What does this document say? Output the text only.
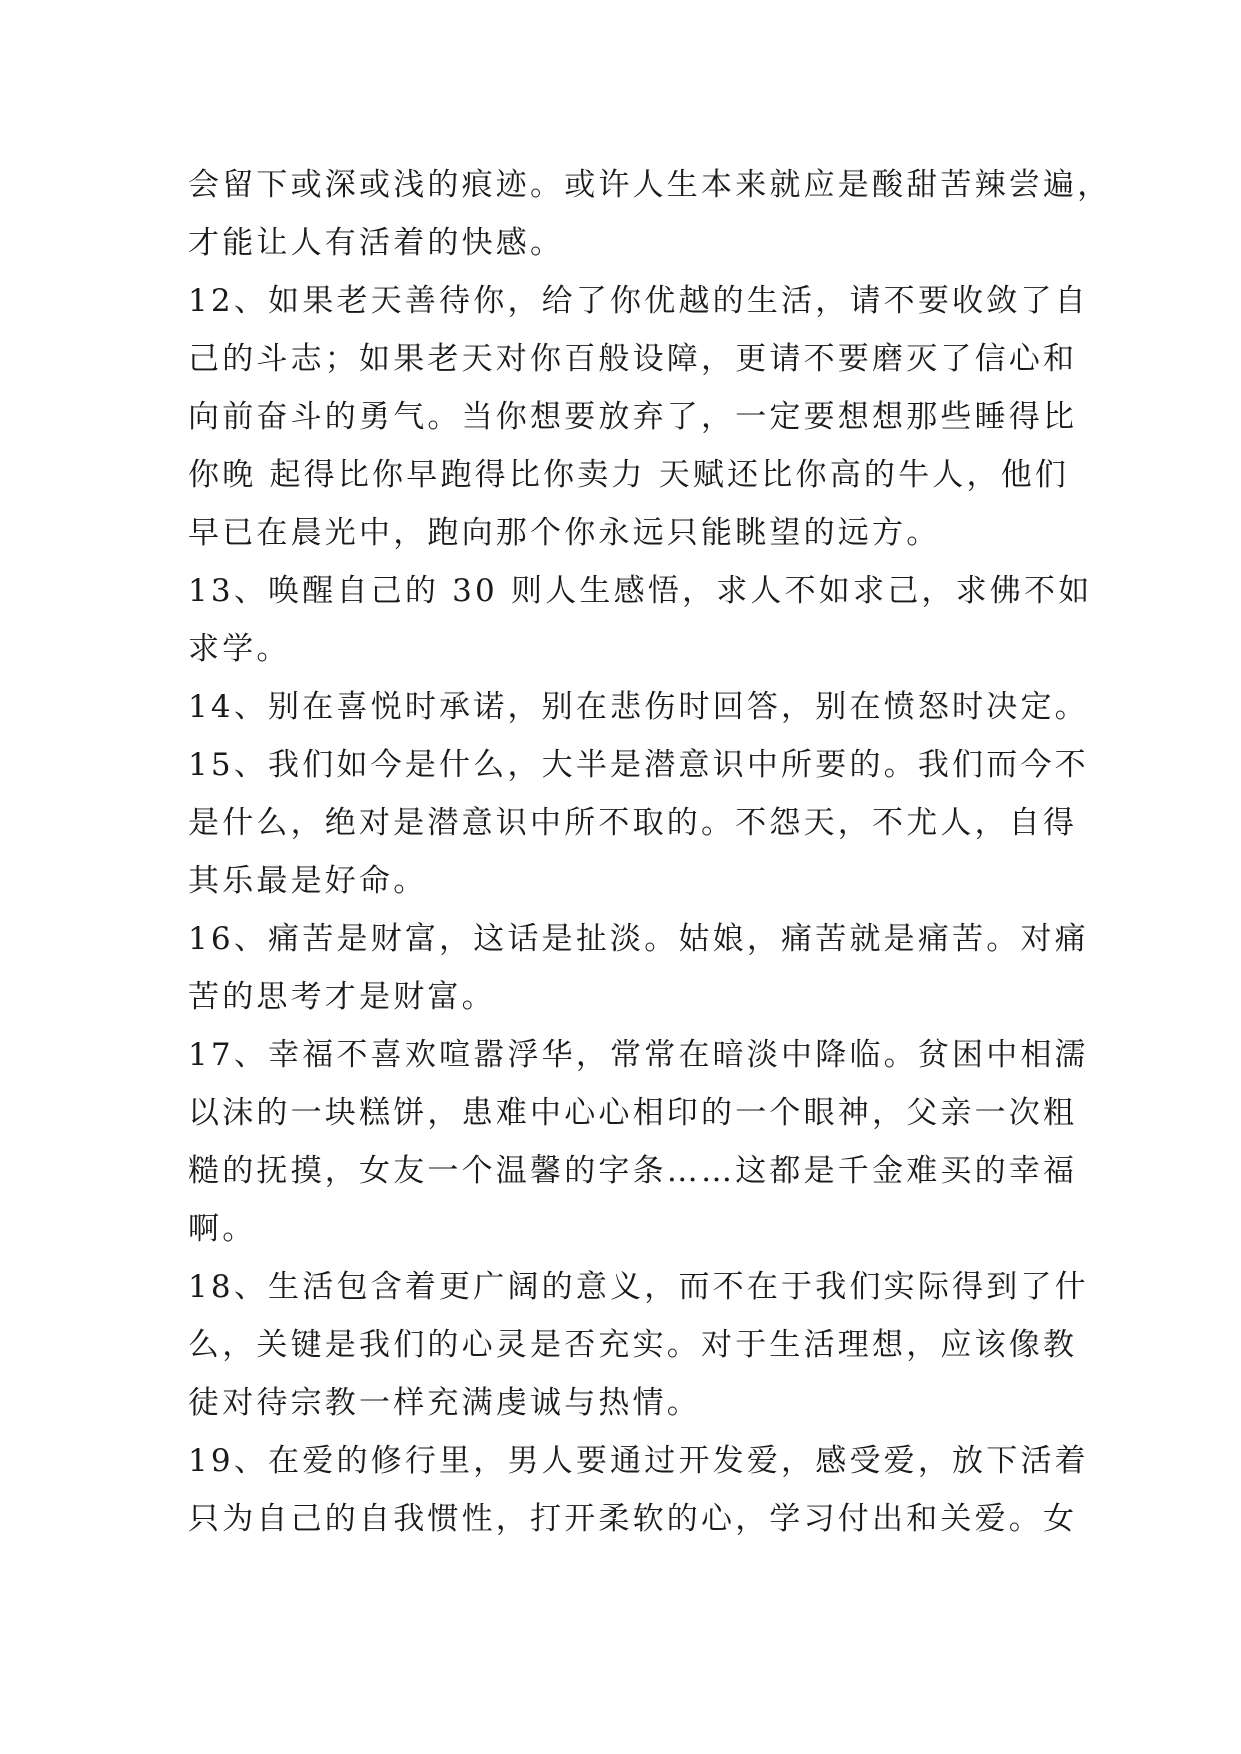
会留下或深或浅的痕迹。或许人生本来就应是酸甜苦辣尝遍，
才能让人有活着的快感。
12、如果老天善待你，给了你优越的生活，请不要收敛了自
己的斗志；如果老天对你百般设障，更请不要磨灭了信心和
向前奋斗的勇气。当你想要放弃了，一定要想想那些睡得比
你晚 起得比你早跑得比你卖力 天赋还比你高的牛人，他们
早已在晨光中，跑向那个你永远只能眺望的远方。
13、唤醒自己的 30 则人生感悟，求人不如求己，求佛不如
求学。
14、别在喜悦时承诺，别在悲伤时回答，别在愤怒时决定。
15、我们如今是什么，大半是潜意识中所要的。我们而今不
是什么，绝对是潜意识中所不取的。不怨天，不尤人，自得
其乐最是好命。
16、痛苦是财富，这话是扯淡。姑娘，痛苦就是痛苦。对痛
苦的思考才是财富。
17、幸福不喜欢喧嚣浮华，常常在暗淡中降临。贫困中相濡
以沫的一块糕饼，患难中心心相印的一个眼神，父亲一次粗
糙的抚摸，女友一个温馨的字条……这都是千金难买的幸福
啊。
18、生活包含着更广阔的意义，而不在于我们实际得到了什
么，关键是我们的心灵是否充实。对于生活理想，应该像教
徒对待宗教一样充满虔诚与热情。
19、在爱的修行里，男人要通过开发爱，感受爱，放下活着
只为自己的自我惯性，打开柔软的心，学习付出和关爱。女
